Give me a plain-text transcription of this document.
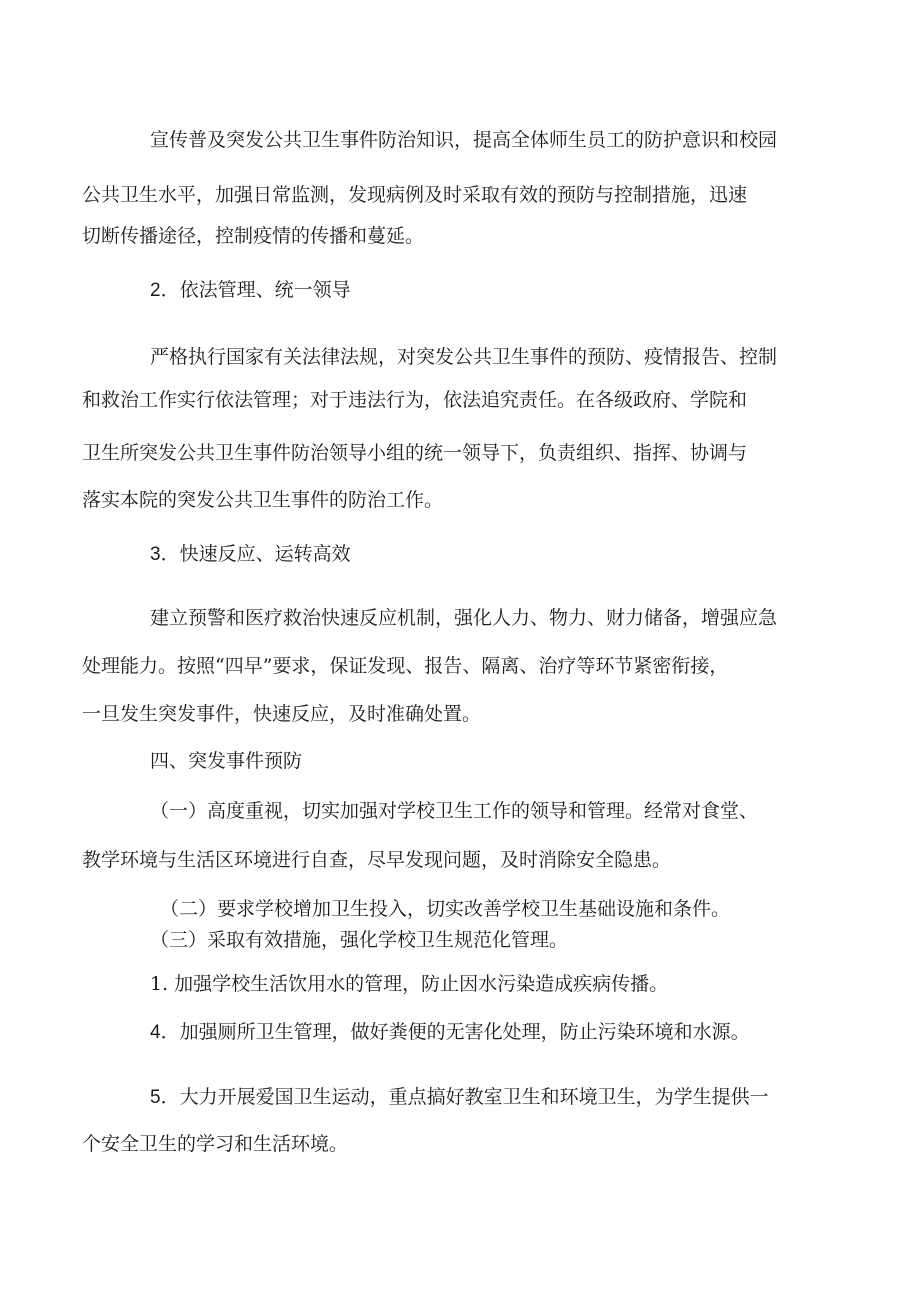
宣传普及突发公共卫生事件防治知识，提高全体师生员工的防护意识和校园
公共卫生水平，加强日常监测，发现病例及时采取有效的预防与控制措施，迅速
切断传播途径，控制疫情的传播和蔓延。
2．依法管理、统一领导
严格执行国家有关法律法规，对突发公共卫生事件的预防、疫情报告、控制
和救治工作实行依法管理；对于违法行为，依法追究责任。在各级政府、学院和
卫生所突发公共卫生事件防治领导小组的统一领导下，负责组织、指挥、协调与
落实本院的突发公共卫生事件的防治工作。
3．快速反应、运转高效
建立预警和医疗救治快速反应机制，强化人力、物力、财力储备，增强应急
处理能力。按照“四早”要求，保证发现、报告、隔离、治疗等环节紧密衔接，
一旦发生突发事件，快速反应，及时准确处置。
四、突发事件预防
（一）高度重视，切实加强对学校卫生工作的领导和管理。经常对食堂、
教学环境与生活区环境进行自查，尽早发现问题，及时消除安全隐患。
（二）要求学校增加卫生投入，切实改善学校卫生基础设施和条件。
（三）采取有效措施，强化学校卫生规范化管理。
1. 加强学校生活饮用水的管理，防止因水污染造成疾病传播。
4．加强厕所卫生管理，做好粪便的无害化处理，防止污染环境和水源。
5．大力开展爱国卫生运动，重点搞好教室卫生和环境卫生，为学生提供一
个安全卫生的学习和生活环境。
